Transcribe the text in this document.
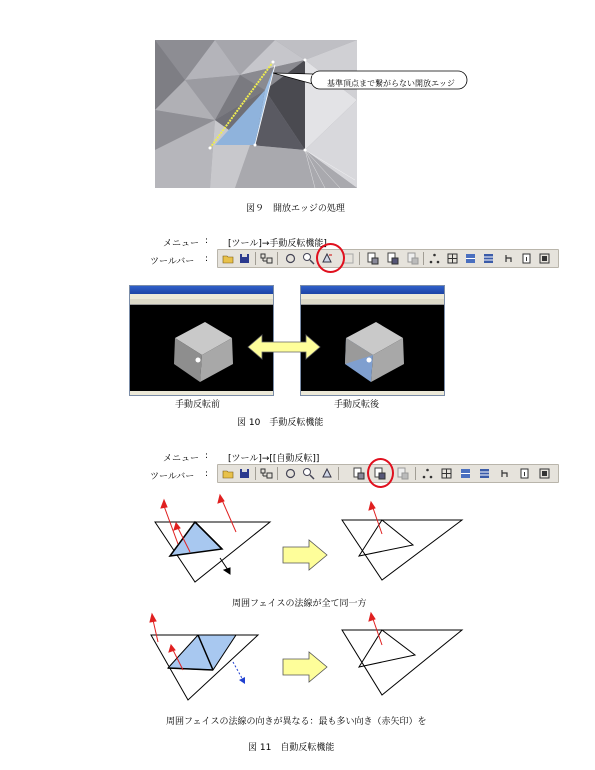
基準頂点まで繋がらない開放エッジ
図９　開放エッジの処理
メニュー : [ツール]→手動反転機能]
ツールバー :
手動反転前	手動反転後
図 10　手動反転機能
メニュー : [ツール]→[[自動反転]]
ツールバー :
周囲フェイスの法線が全て同一方
周囲フェイスの法線の向きが異なる：最も多い向き（赤矢印）を
図 11　自動反転機能
